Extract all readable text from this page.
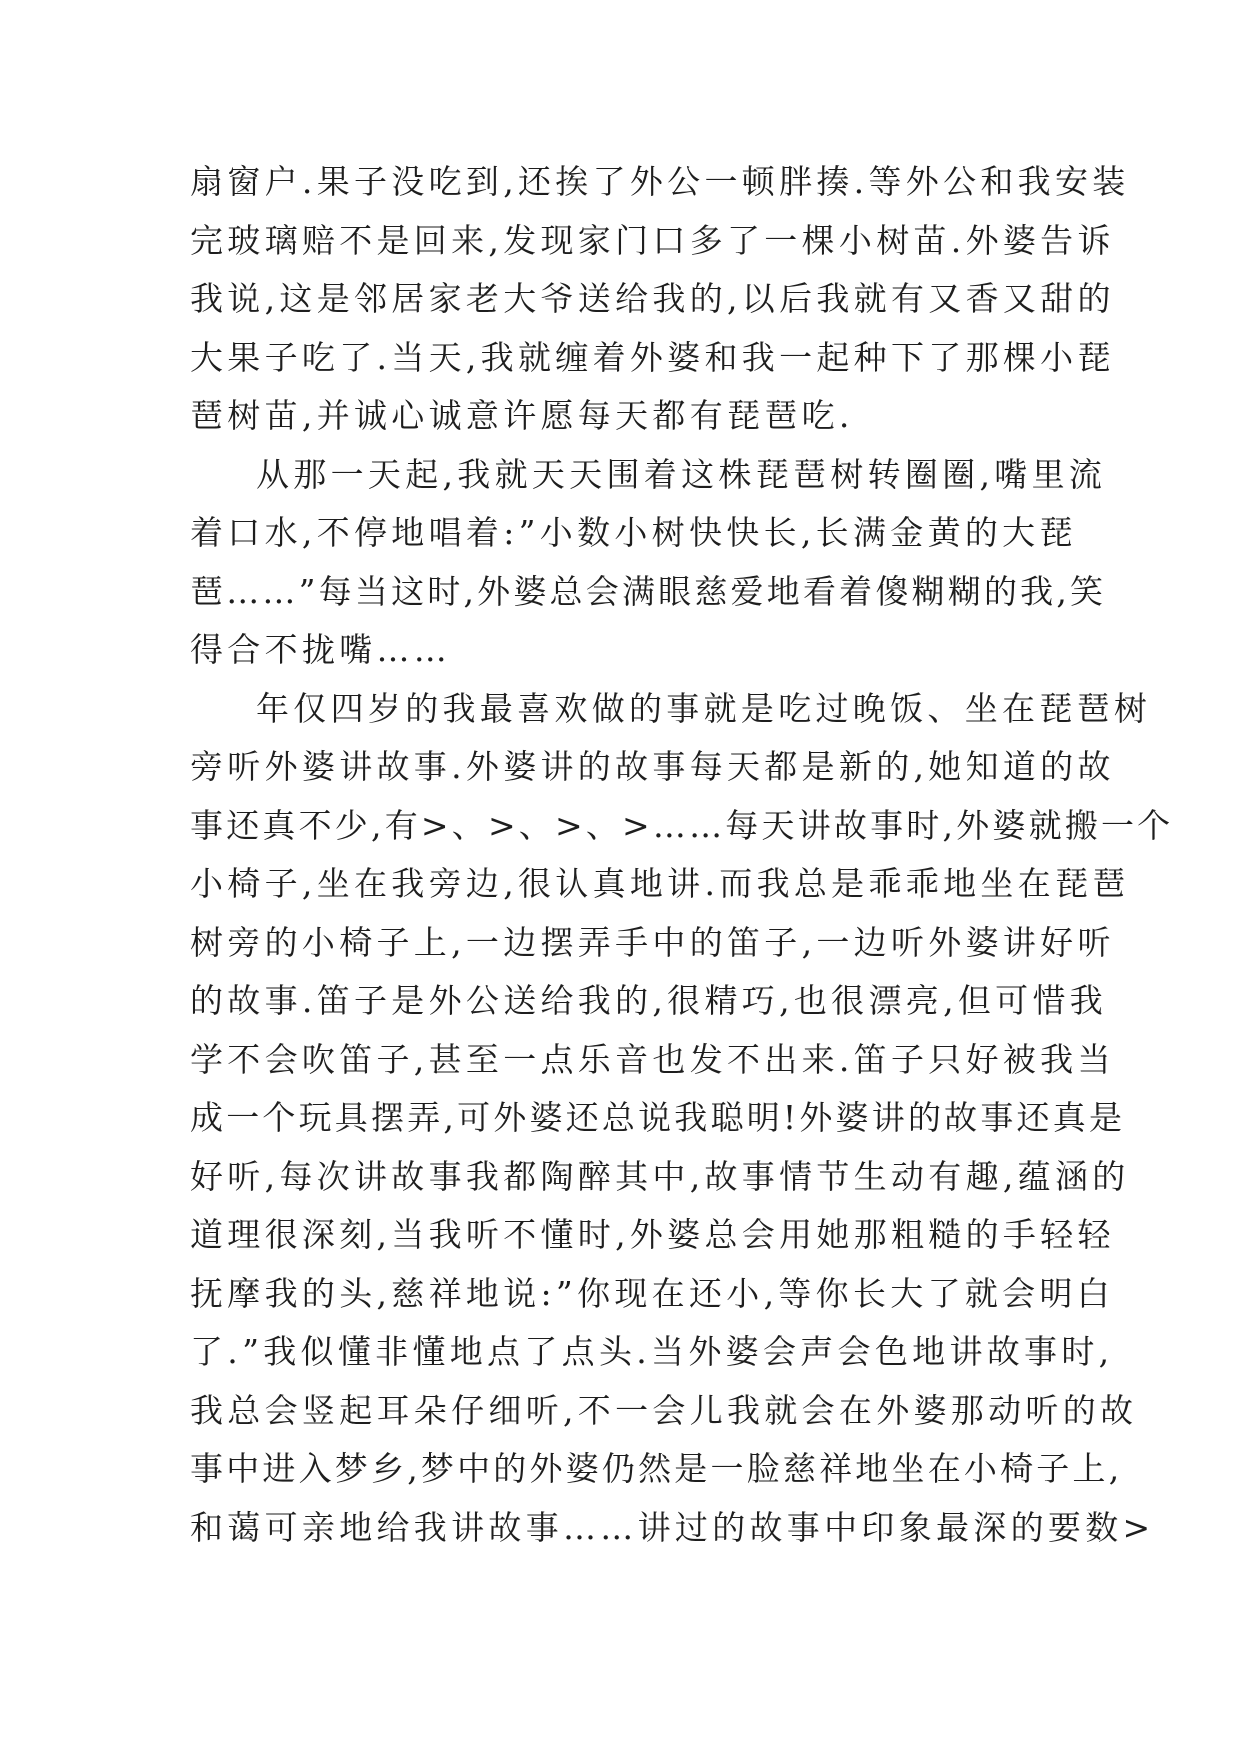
扇窗户.果子没吃到,还挨了外公一顿胖揍.等外公和我安装
完玻璃赔不是回来,发现家门口多了一棵小树苗.外婆告诉
我说,这是邻居家老大爷送给我的,以后我就有又香又甜的
大果子吃了.当天,我就缠着外婆和我一起种下了那棵小琵
琶树苗,并诚心诚意许愿每天都有琵琶吃.
从那一天起,我就天天围着这株琵琶树转圈圈,嘴里流
着口水,不停地唱着:”小数小树快快长,长满金黄的大琵
琶……”每当这时,外婆总会满眼慈爱地看着傻糊糊的我,笑
得合不拢嘴……
年仅四岁的我最喜欢做的事就是吃过晚饭、坐在琵琶树
旁听外婆讲故事.外婆讲的故事每天都是新的,她知道的故
事还真不少,有>、>、>、>……每天讲故事时,外婆就搬一个
小椅子,坐在我旁边,很认真地讲.而我总是乖乖地坐在琵琶
树旁的小椅子上,一边摆弄手中的笛子,一边听外婆讲好听
的故事.笛子是外公送给我的,很精巧,也很漂亮,但可惜我
学不会吹笛子,甚至一点乐音也发不出来.笛子只好被我当
成一个玩具摆弄,可外婆还总说我聪明!外婆讲的故事还真是
好听,每次讲故事我都陶醉其中,故事情节生动有趣,蕴涵的
道理很深刻,当我听不懂时,外婆总会用她那粗糙的手轻轻
抚摩我的头,慈祥地说:”你现在还小,等你长大了就会明白
了.”我似懂非懂地点了点头.当外婆会声会色地讲故事时,
我总会竖起耳朵仔细听,不一会儿我就会在外婆那动听的故
事中进入梦乡,梦中的外婆仍然是一脸慈祥地坐在小椅子上,
和蔼可亲地给我讲故事……讲过的故事中印象最深的要数>
